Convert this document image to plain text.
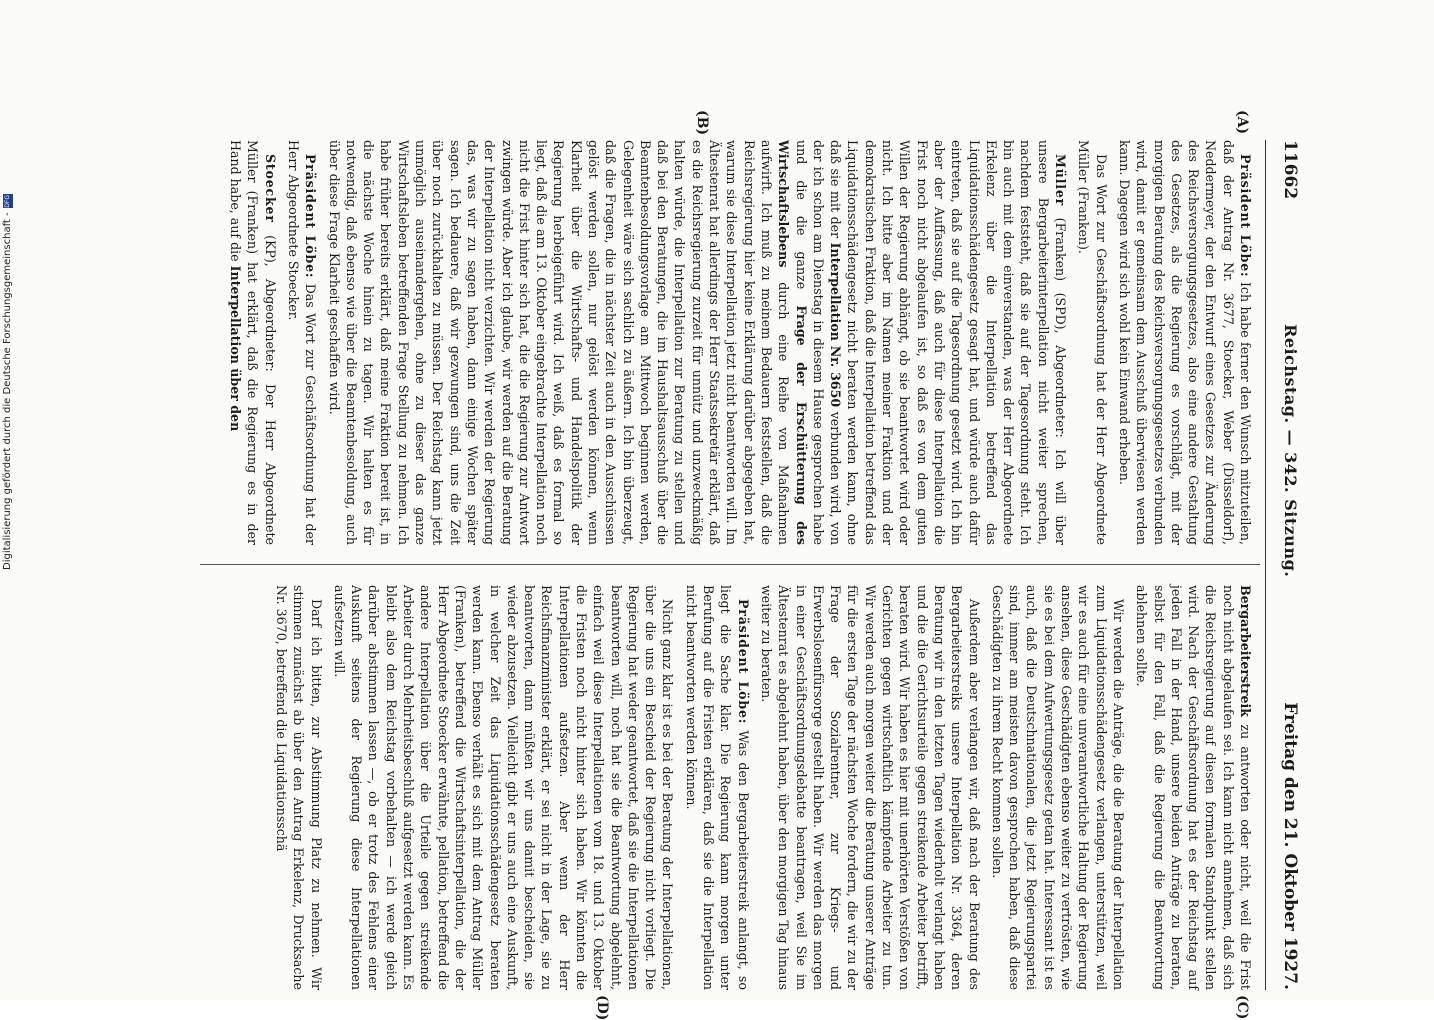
11662
Reichstag. — 342. Sitzung.
Freitag den 21. Oktober 1927.
(A)
(B)
(C)
(D)

Präsident Löbe: Ich habe ferner den Wunsch mitzuteilen, daß der Antrag Nr. 3677, Stoecker, Weber (Düsseldorf), Neddermeyer, der den Entwurf eines Gesetzes zur Änderung des Reichsversorgungsgesetzes, also eine andere Gestaltung des Gesetzes, als die Regierung es vorschlägt, mit der morgigen Beratung des Reichsversorgungsgesetzes verbunden wird, damit er gemeinsam dem Ausschuß überwiesen werden kann. Dagegen wird sich wohl kein Einwand erheben.

Das Wort zur Geschäftsordnung hat der Herr Abgeordnete Müller (Franken).

Müller (Franken) (SPD), Abgeordneter: Ich will über unsere Bergarbeiterinterpellation nicht weiter sprechen, nachdem feststeht, daß sie auf der Tagesordnung steht. Ich bin auch mit dem einverstanden, was der Herr Abgeordnete Erkelenz über die Interpellation betreffend das Liquidationsschädengesetz gesagt hat, und würde auch dafür eintreten, daß sie auf die Tagesordnung gesetzt wird. Ich bin aber der Auffassung, daß auch für diese Interpellation die Frist noch nicht abgelaufen ist, so daß es von dem guten Willen der Regierung abhängt, ob sie beantwortet wird oder nicht. Ich bitte aber im Namen meiner Fraktion und der demokratischen Fraktion, daß die Interpellation betreffend das Liquidationsschädengesetz nicht beraten werden kann, ohne daß sie mit der Interpellation Nr. 3650 verbunden wird, von der ich schon am Dienstag in diesem Hause gesprochen habe und die die ganze Frage der Erschütterung des Wirtschaftslebens durch eine Reihe von Maßnahmen aufwirft. Ich muß zu meinem Bedauern feststellen, daß die Reichsregierung hier keine Erklärung darüber abgegeben hat, warum sie diese Interpellation jetzt nicht beantworten will. Im Ältestenrat hat allerdings der Herr Staatssekretär erklärt, daß es die Reichsregierung zurzeit für unnütz und unzweckmäßig halten würde, die Interpellation zur Beratung zu stellen und daß bei den Beratungen, die im Haushaltsausschuß über die Beamtenbesoldungsvorlage am Mittwoch beginnen werden, Gelegenheit wäre sich sachlich zu äußern. Ich bin überzeugt, daß die Fragen, die in nächster Zeit auch in den Ausschüssen gelöst werden sollen, nur gelöst werden können, wenn Klarheit über die Wirtschafts- und Handelspolitik der Regierung herbeigeführt wird. Ich weiß, daß es formal so liegt, daß die am 13. Oktober eingebrachte Interpellation noch nicht die Frist hinter sich hat, die die Regierung zur Antwort zwingen würde. Aber ich glaube, wir werden auf die Beratung der Interpellation nicht verzichten. Wir werden der Regierung das, was wir zu sagen haben, dann einige Wochen später sagen. Ich bedauere, daß wir gezwungen sind, uns die Zeit über noch zurückhalten zu müssen. Der Reichstag kann jetzt unmöglich auseinandergehen, ohne zu dieser das ganze Wirtschaftsleben betreffenden Frage Stellung zu nehmen. Ich habe früher bereits erklärt, daß meine Fraktion bereit ist, in die nächste Woche hinein zu tagen. Wir halten es für notwendig, daß ebenso wie über die Beamtenbesoldung, auch über diese Frage Klarheit geschaffen wird.

Präsident Löbe: Das Wort zur Geschäftsordnung hat der Herr Abgeordnete Stoecker.

Stoecker (KP), Abgeordneter: Der Herr Abgeordnete Müller (Franken) hat erklärt, daß die Regierung es in der Hand habe, auf die Interpellation über den

Bergarbeiterstreik zu antworten oder nicht, weil die Frist noch nicht abgelaufen sei. Ich kann nicht annehmen, daß sich die Reichsregierung auf diesen formalen Standpunkt stellen wird. Nach der Geschäftsordnung hat es der Reichstag auf jeden Fall in der Hand, unsere beiden Anträge zu beraten, selbst für den Fall, daß die Regierung die Beantwortung ablehnen sollte.

Wir werden die Anträge, die die Beratung der Interpellation zum Liquidationsschädengesetz verlangen, unterstützen, weil wir es auch für eine unverantwortliche Haltung der Regierung ansehen, diese Geschädigten ebenso weiter zu vertrösten, wie sie es bei dem Aufwertungsgesetz getan hat. Interessant ist es auch, daß die Deutschnationalen, die jetzt Regierungspartei sind, immer am meisten davon gesprochen haben, daß diese Geschädigten zu ihrem Recht kommen sollen.

Außerdem aber verlangen wir, daß nach der Beratung des Bergarbeiterstreiks unsere Interpellation Nr. 3364, deren Beratung wir in den letzten Tagen wiederholt verlangt haben und die die Gerichtsurteile gegen streikende Arbeiter betrifft, beraten wird. Wir haben es hier mit unerhörten Verstößen von Gerichten gegen wirtschaftlich kämpfende Arbeiter zu tun. Wir werden auch morgen weiter die Beratung unserer Anträge für die ersten Tage der nächsten Woche fordern, die wir zu der Frage der Sozialrentner, zur Kriegs- und Erwerbslosenfürsorge gestellt haben. Wir werden das morgen in einer Geschäftsordnungsdebatte beantragen, weil Sie im Ältestenrat es abgelehnt haben, über den morgigen Tag hinaus weiter zu beraten.

Präsident Löbe: Was den Bergarbeiterstreik anlangt, so liegt die Sache klar. Die Regierung kann morgen unter Berufung auf die Fristen erklären, daß sie die Interpellation nicht beantworten werden können.

Nicht ganz klar ist es bei der Beratung der Interpellationen, über die uns ein Bescheid der Regierung nicht vorliegt. Die Regierung hat weder geantwortet, daß sie die Interpellationen beantworten will, noch hat sie die Beantwortung abgelehnt, einfach weil diese Interpellationen vom 18. und 13. Oktober die Fristen noch nicht hinter sich haben. Wir könnten die Interpellationen aufsetzen. Aber wenn der Herr Reichsfinanzminister erklärt, er sei nicht in der Lage, sie zu beantworten, dann müßten wir uns damit bescheiden, sie wieder abzusetzen. Vielleicht gibt er uns auch eine Auskunft, in welcher Zeit das Liquidationsschädengesetz beraten werden kann. Ebenso verhält es sich mit dem Antrag Müller (Franken), betreffend die Wirtschaftsinterpellation, die der Herr Abgeordnete Stoecker erwähnte, pellation, betreffend die andere Interpellation über die Urteile gegen streikende Arbeiter durch Mehrheitsbeschluß aufgesetzt werden kann. Es bleibt also dem Reichstag vorbehalten — ich werde gleich darüber abstimmen lassen —, ob er trotz des Fehlens einer Auskunft seitens der Regierung diese Interpellationen aufsetzen will.

Darf ich bitten, zur Abstimmung Platz zu nehmen. Wir stimmen zunächst ab über den Antrag Erkelenz, Drucksache Nr. 3670, betreffend die Liquidationsschä

Digitalisierung gefördert durch die Deutsche Forschungsgemeinschaft -
DFG
